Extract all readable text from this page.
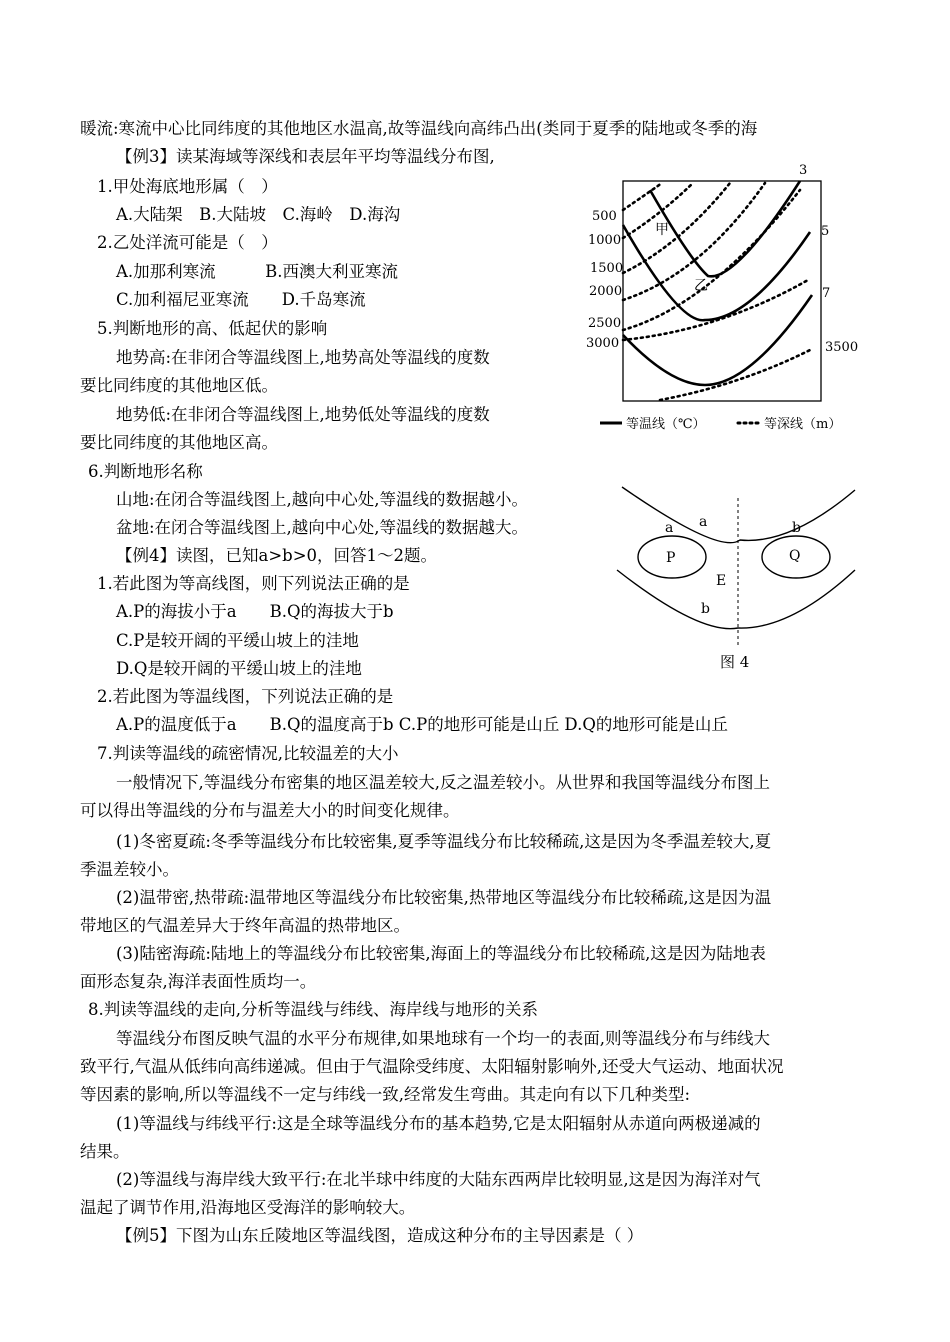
暖流:寒流中心比同纬度的其他地区水温高,故等温线向高纬凸出(类同于夏季的陆地或冬季的海
【例3】读某海域等深线和表层年平均等温线分布图,
1.甲处海底地形属（　）
A.大陆架　B.大陆坡　C.海岭　D.海沟
2.乙处洋流可能是（　）
A.加那利寒流　　　B.西澳大利亚寒流
C.加利福尼亚寒流　　D.千岛寒流
5.判断地形的高、低起伏的影响
地势高:在非闭合等温线图上,地势高处等温线的度数
要比同纬度的其他地区低。
地势低:在非闭合等温线图上,地势低处等温线的度数
要比同纬度的其他地区高。
6.判断地形名称
山地:在闭合等温线图上,越向中心处,等温线的数据越小。
盆地:在闭合等温线图上,越向中心处,等温线的数据越大。
【例4】读图，已知a>b>0，回答1～2题。
1.若此图为等高线图，则下列说法正确的是
A.P的海拔小于a　　B.Q的海拔大于b
C.P是较开阔的平缓山坡上的洼地
D.Q是较开阔的平缓山坡上的洼地
2.若此图为等温线图，下列说法正确的是
A.P的温度低于a　　B.Q的温度高于b C.P的地形可能是山丘 D.Q的地形可能是山丘
7.判读等温线的疏密情况,比较温差的大小
一般情况下,等温线分布密集的地区温差较大,反之温差较小。从世界和我国等温线分布图上
可以得出等温线的分布与温差大小的时间变化规律。
(1)冬密夏疏:冬季等温线分布比较密集,夏季等温线分布比较稀疏,这是因为冬季温差较大,夏
季温差较小。
(2)温带密,热带疏:温带地区等温线分布比较密集,热带地区等温线分布比较稀疏,这是因为温
带地区的气温差异大于终年高温的热带地区。
(3)陆密海疏:陆地上的等温线分布比较密集,海面上的等温线分布比较稀疏,这是因为陆地表
面形态复杂,海洋表面性质均一。
8.判读等温线的走向,分析等温线与纬线、海岸线与地形的关系
等温线分布图反映气温的水平分布规律,如果地球有一个均一的表面,则等温线分布与纬线大
致平行,气温从低纬向高纬递减。但由于气温除受纬度、太阳辐射影响外,还受大气运动、地面状况
等因素的影响,所以等温线不一定与纬线一致,经常发生弯曲。其走向有以下几种类型:
(1)等温线与纬线平行:这是全球等温线分布的基本趋势,它是太阳辐射从赤道向两极递减的
结果。
(2)等温线与海岸线大致平行:在北半球中纬度的大陆东西两岸比较明显,这是因为海洋对气
温起了调节作用,沿海地区受海洋的影响较大。
【例5】下图为山东丘陵地区等温线图，造成这种分布的主导因素是（ ）
500
1000
1500
2000
2500
3000	3500
3
5
7
甲
乙
等温线（℃）	等深线（m）
a a	b
P	Q
E
b
图 4
